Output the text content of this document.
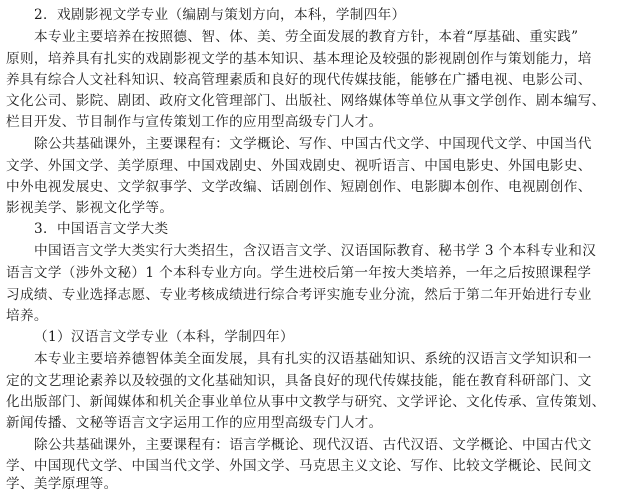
2．戏剧影视文学专业（编剧与策划方向，本科，学制四年）
本专业主要培养在按照德、智、体、美、劳全面发展的教育方针，本着“厚基础、重实践”
原则，培养具有扎实的戏剧影视文学的基本知识、基本理论及较强的影视剧创作与策划能力，培
养具有综合人文社科知识、较高管理素质和良好的现代传媒技能，能够在广播电视、电影公司、
文化公司、影院、剧团、政府文化管理部门、出版社、网络媒体等单位从事文学创作、剧本编写、
栏目开发、节目制作与宣传策划工作的应用型高级专门人才。
除公共基础课外，主要课程有：文学概论、写作、中国古代文学、中国现代文学、中国当代
文学、外国文学、美学原理、中国戏剧史、外国戏剧史、视听语言、中国电影史、外国电影史、
中外电视发展史、文学叙事学、文学改编、话剧创作、短剧创作、电影脚本创作、电视剧创作、
影视美学、影视文化学等。
3．中国语言文学大类
中国语言文学大类实行大类招生，含汉语言文学、汉语国际教育、秘书学 3 个本科专业和汉
语言文学（涉外文秘）1 个本科专业方向。学生进校后第一年按大类培养，一年之后按照课程学
习成绩、专业选择志愿、专业考核成绩进行综合考评实施专业分流，然后于第二年开始进行专业
培养。
（1）汉语言文学专业（本科，学制四年）
本专业主要培养德智体美全面发展，具有扎实的汉语基础知识、系统的汉语言文学知识和一
定的文艺理论素养以及较强的文化基础知识，具备良好的现代传媒技能，能在教育科研部门、文
化出版部门、新闻媒体和机关企事业单位从事中文教学与研究、文学评论、文化传承、宣传策划、
新闻传播、文秘等语言文字运用工作的应用型高级专门人才。
除公共基础课外，主要课程有：语言学概论、现代汉语、古代汉语、文学概论、中国古代文
学、中国现代文学、中国当代文学、外国文学、马克思主义文论、写作、比较文学概论、民间文
学、美学原理等。
